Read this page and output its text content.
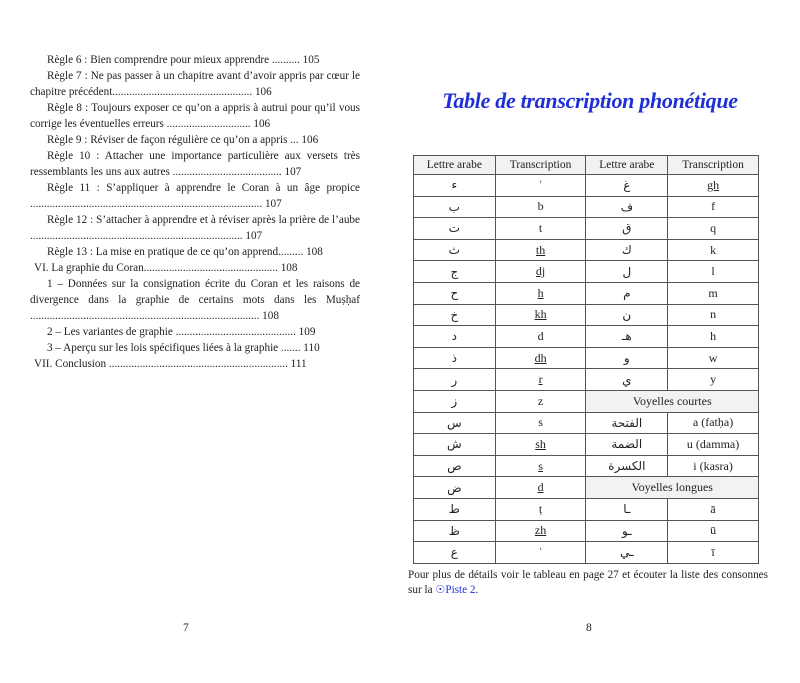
Règle 6 : Bien comprendre pour mieux apprendre .......... 105
Règle 7 : Ne pas passer à un chapitre avant d’avoir appris par cœur le chapitre précédent.................................................. 106
Règle 8 : Toujours exposer ce qu’on a appris à autrui pour qu’il vous corrige les éventuelles erreurs .............................. 106
Règle 9 : Réviser de façon régulière ce qu’on a appris ... 106
Règle 10 : Attacher une importance particulière aux versets très ressemblants les uns aux autres ....................................... 107
Règle 11 : S’appliquer à apprendre le Coran à un âge propice ................................................................................... 107
Règle 12 : S’attacher à apprendre et à réviser après la prière de l’aube ............................................................................ 107
Règle 13 : La mise en pratique de ce qu’on apprend......... 108
VI. La graphie du Coran................................................ 108
1 – Données sur la consignation écrite du Coran et les raisons de divergence dans la graphie de certains mots dans les Muṣḥaf .................................................................................. 108
2 – Les variantes de graphie ........................................... 109
3 – Aperçu sur les lois spécifiques liées à la graphie ....... 110
VII. Conclusion ................................................................ 111
7
Table de transcription phonétique
Lettre arabe	Transcription	Lettre arabe	Transcription
ء	ʾ	غ	gh
ب	b	ف	f
ت	t	ق	q
ث	th	ك	k
ج	dj	ل	l
ح	h	م	m
خ	kh	ن	n
د	d	هـ	h
ذ	dh	و	w
ر	r	ي	y
ز	z	Voyelles courtes	
س	s	الفتحة	a (fatḥa)
ش	sh	الضمة	u (damma)
ص	s	الكسرة	i (kasra)
ض	d	Voyelles longues	
ط	ṭ	ـا	ā
ظ	zh	ـو	ū
ع	ʿ	ـي	ī
Pour plus de détails voir le tableau en page 27 et écouter la liste des consonnes sur la ☉Piste 2.
8
